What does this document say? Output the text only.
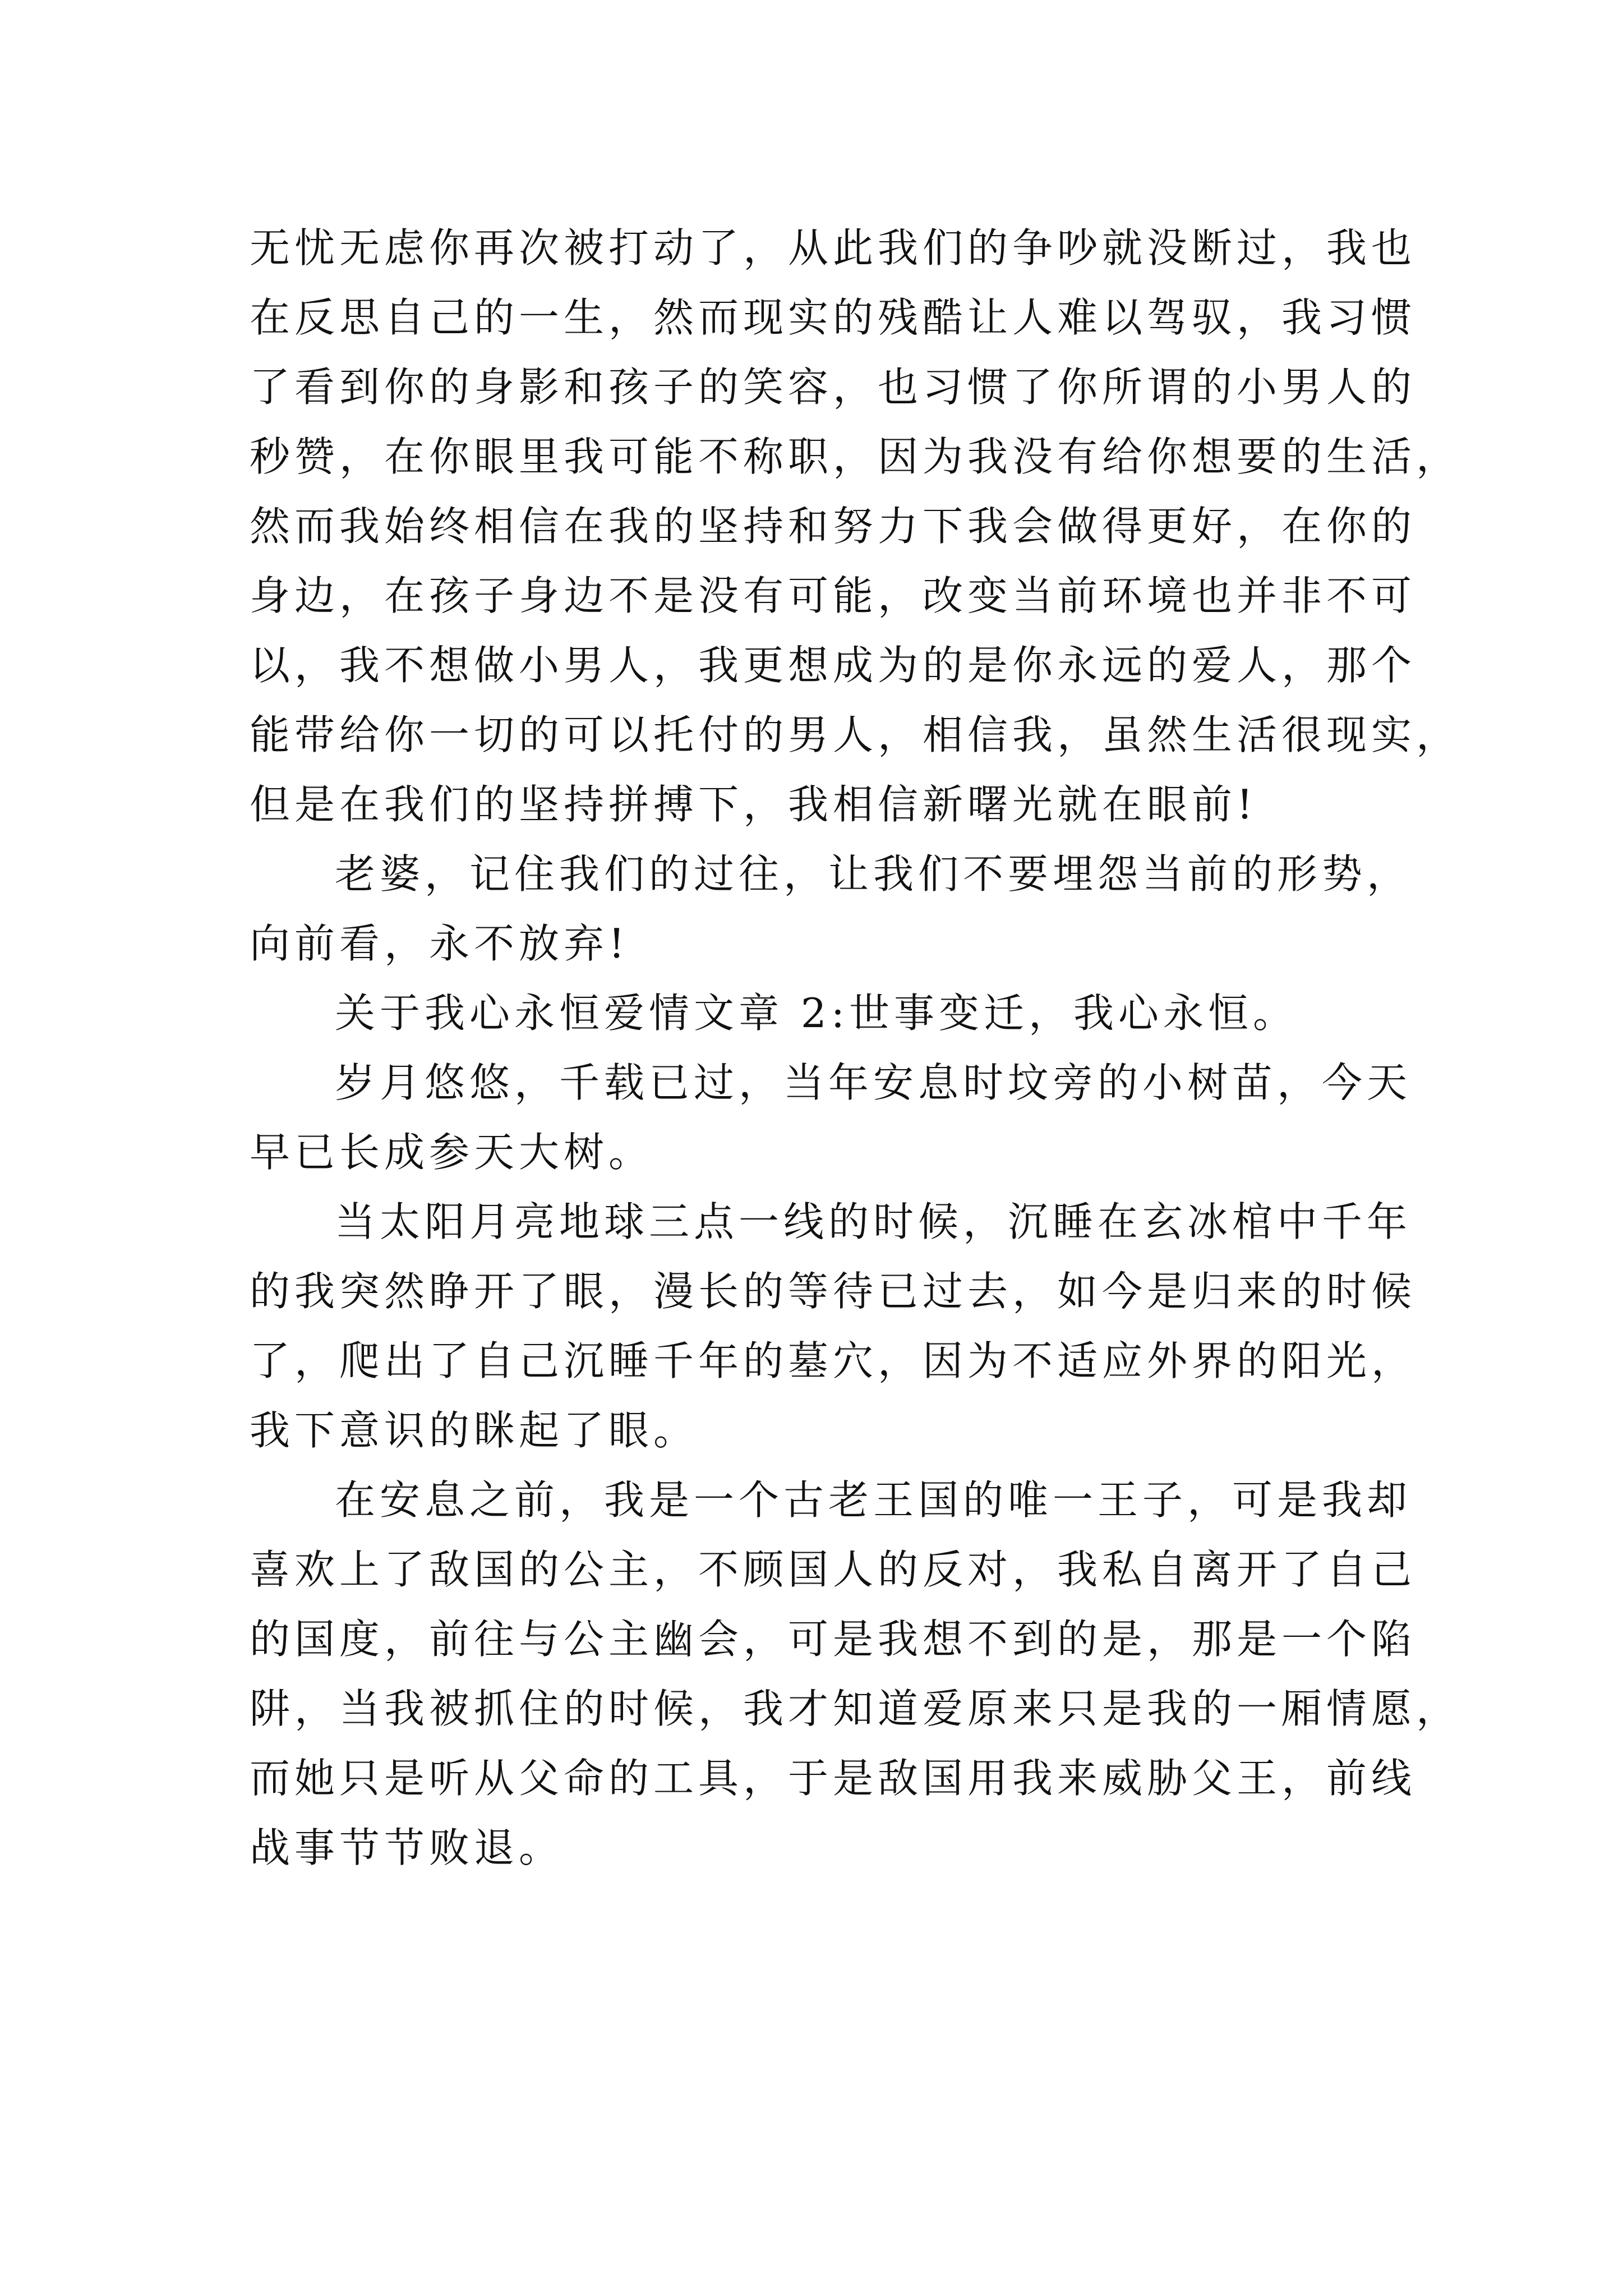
无忧无虑你再次被打动了，从此我们的争吵就没断过，我也
在反思自己的一生，然而现实的残酷让人难以驾驭，我习惯
了看到你的身影和孩子的笑容，也习惯了你所谓的小男人的
秒赞，在你眼里我可能不称职，因为我没有给你想要的生活，
然而我始终相信在我的坚持和努力下我会做得更好，在你的
身边，在孩子身边不是没有可能，改变当前环境也并非不可
以，我不想做小男人，我更想成为的是你永远的爱人，那个
能带给你一切的可以托付的男人，相信我，虽然生活很现实，
但是在我们的坚持拼搏下，我相信新曙光就在眼前!
老婆，记住我们的过往，让我们不要埋怨当前的形势，
向前看，永不放弃!
关于我心永恒爱情文章 2:世事变迁，我心永恒。
岁月悠悠，千载已过，当年安息时坟旁的小树苗，今天
早已长成参天大树。
当太阳月亮地球三点一线的时候，沉睡在玄冰棺中千年
的我突然睁开了眼，漫长的等待已过去，如今是归来的时候
了，爬出了自己沉睡千年的墓穴，因为不适应外界的阳光，
我下意识的眯起了眼。
在安息之前，我是一个古老王国的唯一王子，可是我却
喜欢上了敌国的公主，不顾国人的反对，我私自离开了自己
的国度，前往与公主幽会，可是我想不到的是，那是一个陷
阱，当我被抓住的时候，我才知道爱原来只是我的一厢情愿，
而她只是听从父命的工具，于是敌国用我来威胁父王，前线
战事节节败退。
